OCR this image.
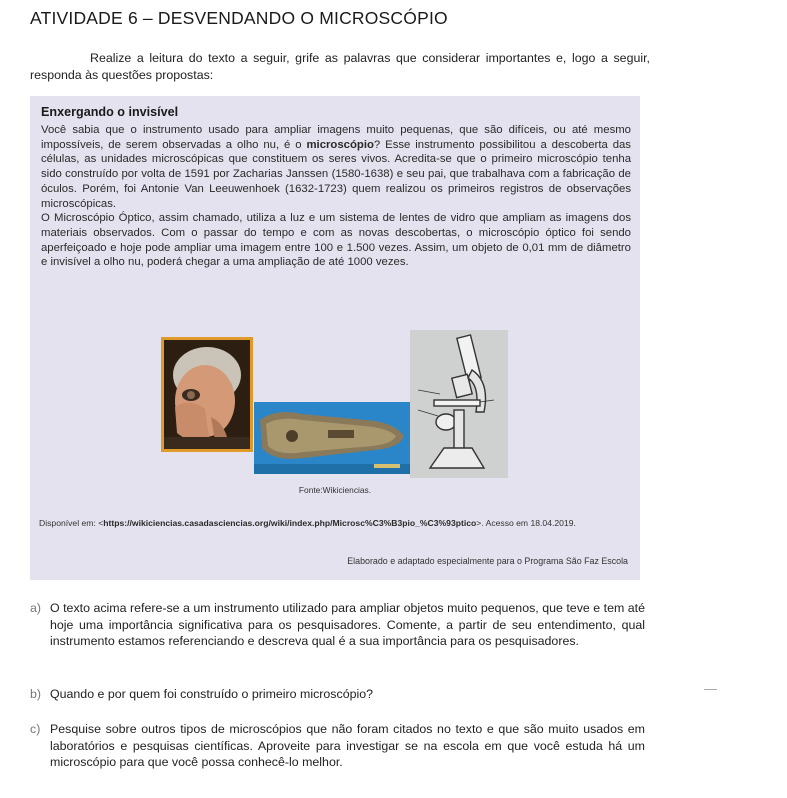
ATIVIDADE 6 – DESVENDANDO O MICROSCÓPIO
Realize a leitura do texto a seguir, grife as palavras que considerar importantes e, logo a seguir, responda às questões propostas:
Enxergando o invisível

Você sabia que o instrumento usado para ampliar imagens muito pequenas, que são difíceis, ou até mesmo impossíveis, de serem observadas a olho nu, é o microscópio? Esse instrumento possibilitou a descoberta das células, as unidades microscópicas que constituem os seres vivos. Acredita-se que o primeiro microscópio tenha sido construído por volta de 1591 por Zacharias Janssen (1580-1638) e seu pai, que trabalhava com a fabricação de óculos. Porém, foi Antonie Van Leeuwenhoek (1632-1723) quem realizou os primeiros registros de observações microscópicas.

O Microscópio Óptico, assim chamado, utiliza a luz e um sistema de lentes de vidro que ampliam as imagens dos materiais observados. Com o passar do tempo e com as novas descobertas, o microscópio óptico foi sendo aperfeiçoado e hoje pode ampliar uma imagem entre 100 e 1.500 vezes. Assim, um objeto de 0,01 mm de diâmetro e invisível a olho nu, poderá chegar a uma ampliação de até 1000 vezes.

Fonte:Wikiciencias.
Disponível em: <https://wikiciencias.casadasciencias.org/wiki/index.php/Microsc%C3%B3pio_%C3%93ptico>. Acesso em 18.04.2019.
Elaborado e adaptado especialmente para o Programa São Faz Escola
a) O texto acima refere-se a um instrumento utilizado para ampliar objetos muito pequenos, que teve e tem até hoje uma importância significativa para os pesquisadores. Comente, a partir de seu entendimento, qual instrumento estamos referenciando e descreva qual é a sua importância para os pesquisadores.
b) Quando e por quem foi construído o primeiro microscópio?
c) Pesquise sobre outros tipos de microscópios que não foram citados no texto e que são muito usados em laboratórios e pesquisas científicas. Aproveite para investigar se na escola em que você estuda há um microscópio para que você possa conhecê-lo melhor.
